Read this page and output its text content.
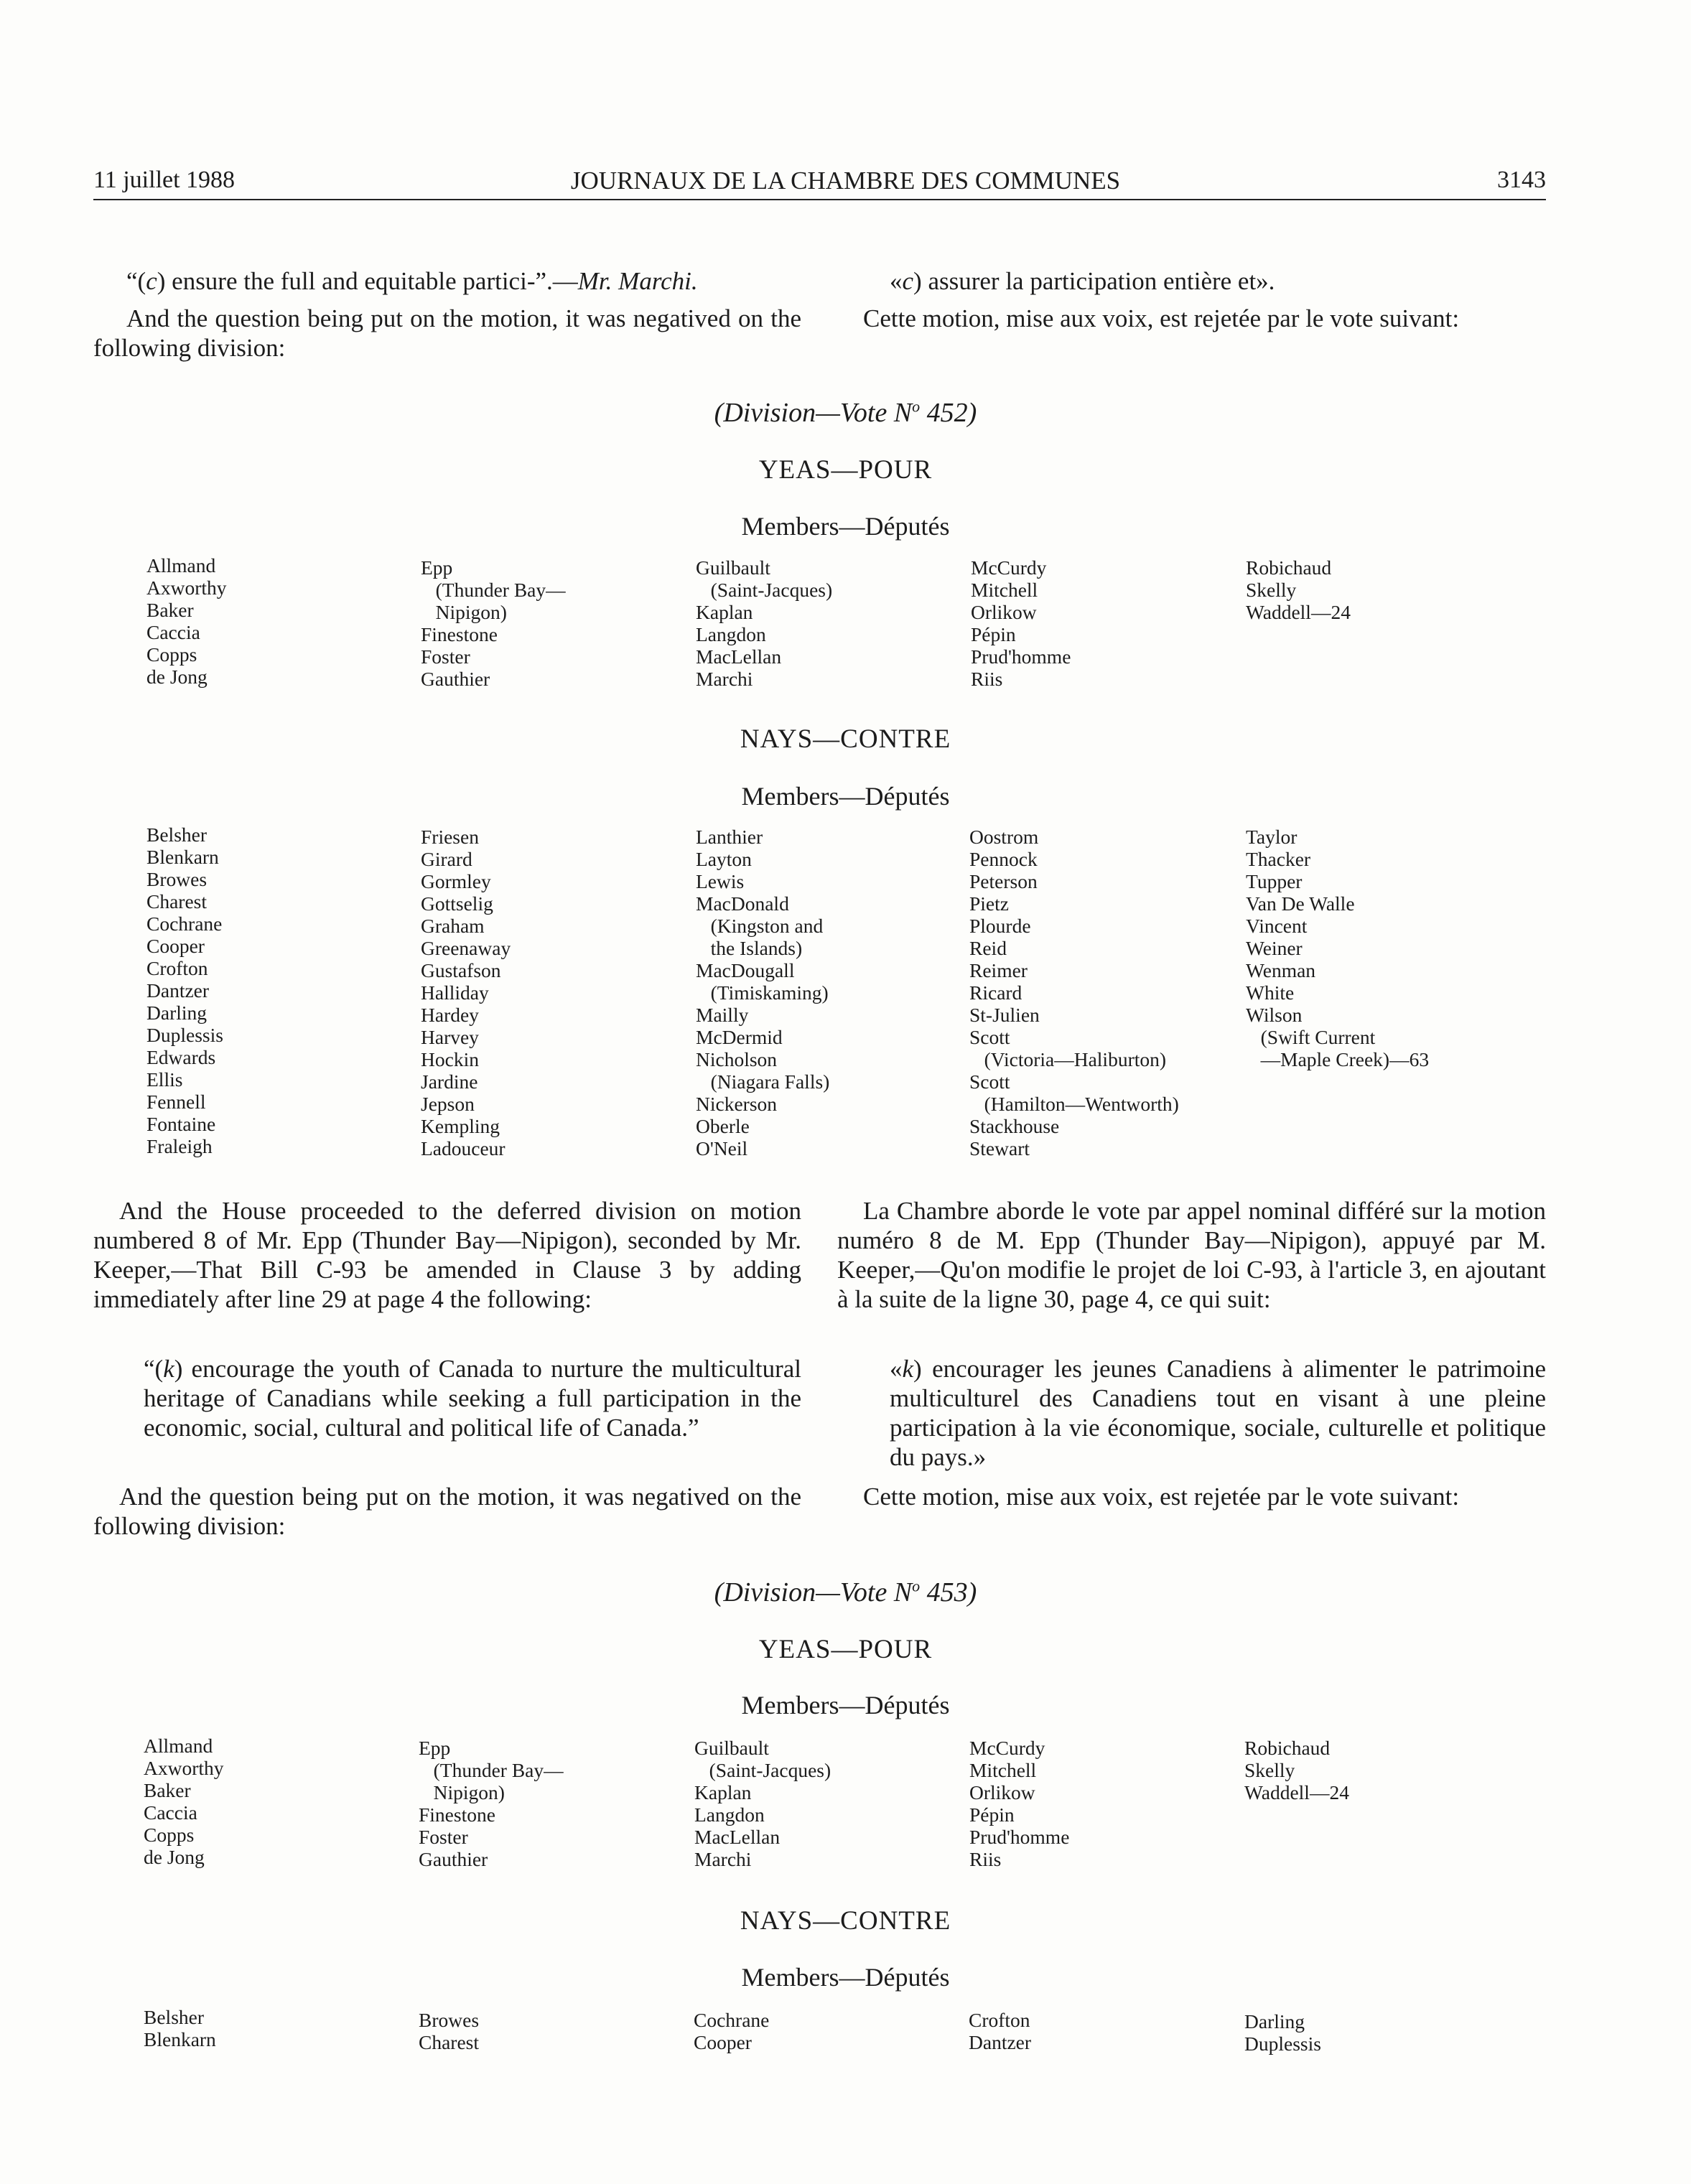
11 juillet 1988	JOURNAUX DE LA CHAMBRE DES COMMUNES	3143
“(c) ensure the full and equitable partici-”.—Mr. Marchi.
And the question being put on the motion, it was negatived on the following division:
«c) assurer la participation entière et».
Cette motion, mise aux voix, est rejetée par le vote suivant:
(Division—Vote $N^o$ 452)
YEAS—POUR
Members—Députés
Allmand
Axworthy
Baker
Caccia
Copps
de Jong
Epp
(Thunder Bay—
Nipigon)
Finestone
Foster
Gauthier
Guilbault
(Saint-Jacques)
Kaplan
Langdon
MacLellan
Marchi
McCurdy
Mitchell
Orlikow
Pépin
Prud'homme
Riis
Robichaud
Skelly
Waddell—24
NAYS—CONTRE
Members—Députés
Belsher
Blenkarn
Browes
Charest
Cochrane
Cooper
Crofton
Dantzer
Darling
Duplessis
Edwards
Ellis
Fennell
Fontaine
Fraleigh
Friesen
Girard
Gormley
Gottselig
Graham
Greenaway
Gustafson
Halliday
Hardey
Harvey
Hockin
Jardine
Jepson
Kempling
Ladouceur
Lanthier
Layton
Lewis
MacDonald
(Kingston and
the Islands)
MacDougall
(Timiskaming)
Mailly
McDermid
Nicholson
(Niagara Falls)
Nickerson
Oberle
O'Neil
Oostrom
Pennock
Peterson
Pietz
Plourde
Reid
Reimer
Ricard
St-Julien
Scott
(Victoria—Haliburton)
Scott
(Hamilton—Wentworth)
Stackhouse
Stewart
Taylor
Thacker
Tupper
Van De Walle
Vincent
Weiner
Wenman
White
Wilson
(Swift Current
—Maple Creek)—63
And the House proceeded to the deferred division on motion numbered 8 of Mr. Epp (Thunder Bay—Nipigon), seconded by Mr. Keeper,—That Bill C-93 be amended in Clause 3 by adding immediately after line 29 at page 4 the following:
“(k) encourage the youth of Canada to nurture the multicultural heritage of Canadians while seeking a full participation in the economic, social, cultural and political life of Canada.”
And the question being put on the motion, it was negatived on the following division:
La Chambre aborde le vote par appel nominal différé sur la motion numéro 8 de M. Epp (Thunder Bay—Nipigon), appuyé par M. Keeper,—Qu'on modifie le projet de loi C-93, à l'article 3, en ajoutant à la suite de la ligne 30, page 4, ce qui suit:
«k) encourager les jeunes Canadiens à alimenter le patrimoine multiculturel des Canadiens tout en visant à une pleine participation à la vie économique, sociale, culturelle et politique du pays.»
Cette motion, mise aux voix, est rejetée par le vote suivant:
(Division—Vote $N^o$ 453)
YEAS—POUR
Members—Députés
Allmand
Axworthy
Baker
Caccia
Copps
de Jong
Epp
(Thunder Bay—
Nipigon)
Finestone
Foster
Gauthier
Guilbault
(Saint-Jacques)
Kaplan
Langdon
MacLellan
Marchi
McCurdy
Mitchell
Orlikow
Pépin
Prud'homme
Riis
Robichaud
Skelly
Waddell—24
NAYS—CONTRE
Members—Députés
Belsher
Blenkarn
Browes
Charest
Cochrane
Cooper
Crofton
Dantzer
Darling
Duplessis
